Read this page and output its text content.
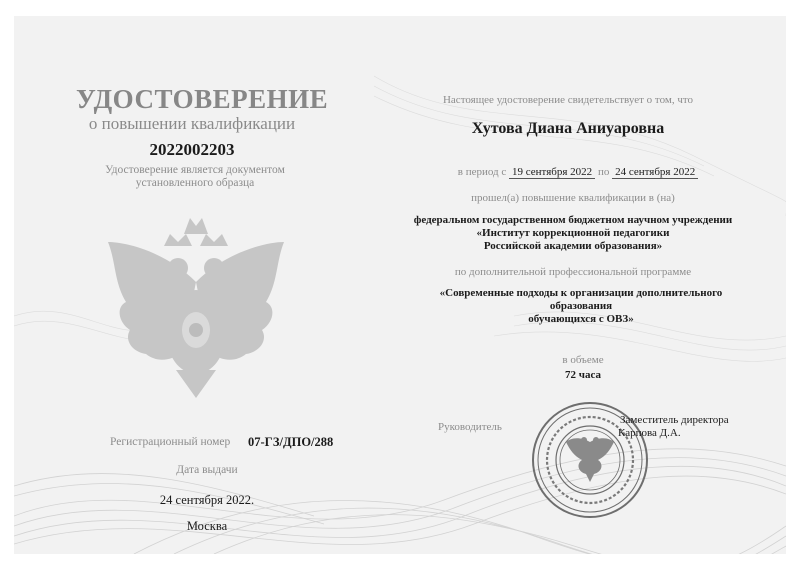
УДОСТОВЕРЕНИЕ
о повышении квалификации
2022002203
Удостоверение является документом
установленного образца
Регистрационный номер 07-ГЗ/ДПО/288
Дата выдачи
24 сентября 2022.
Москва
Настоящее удостоверение свидетельствует о том, что
Хутова Диана Аниуаровна
в период с 19 сентября 2022 по 24 сентября 2022
прошел(а) повышение квалификации в (на)
федеральном государственном бюджетном научном учреждении
«Институт коррекционной педагогики
Российской академии образования»
по дополнительной профессиональной программе
«Современные подходы к организации дополнительного образования
обучающихся с ОВЗ»
в объеме
72 часа
Руководитель
Заместитель директора
Карпова Д.А.
